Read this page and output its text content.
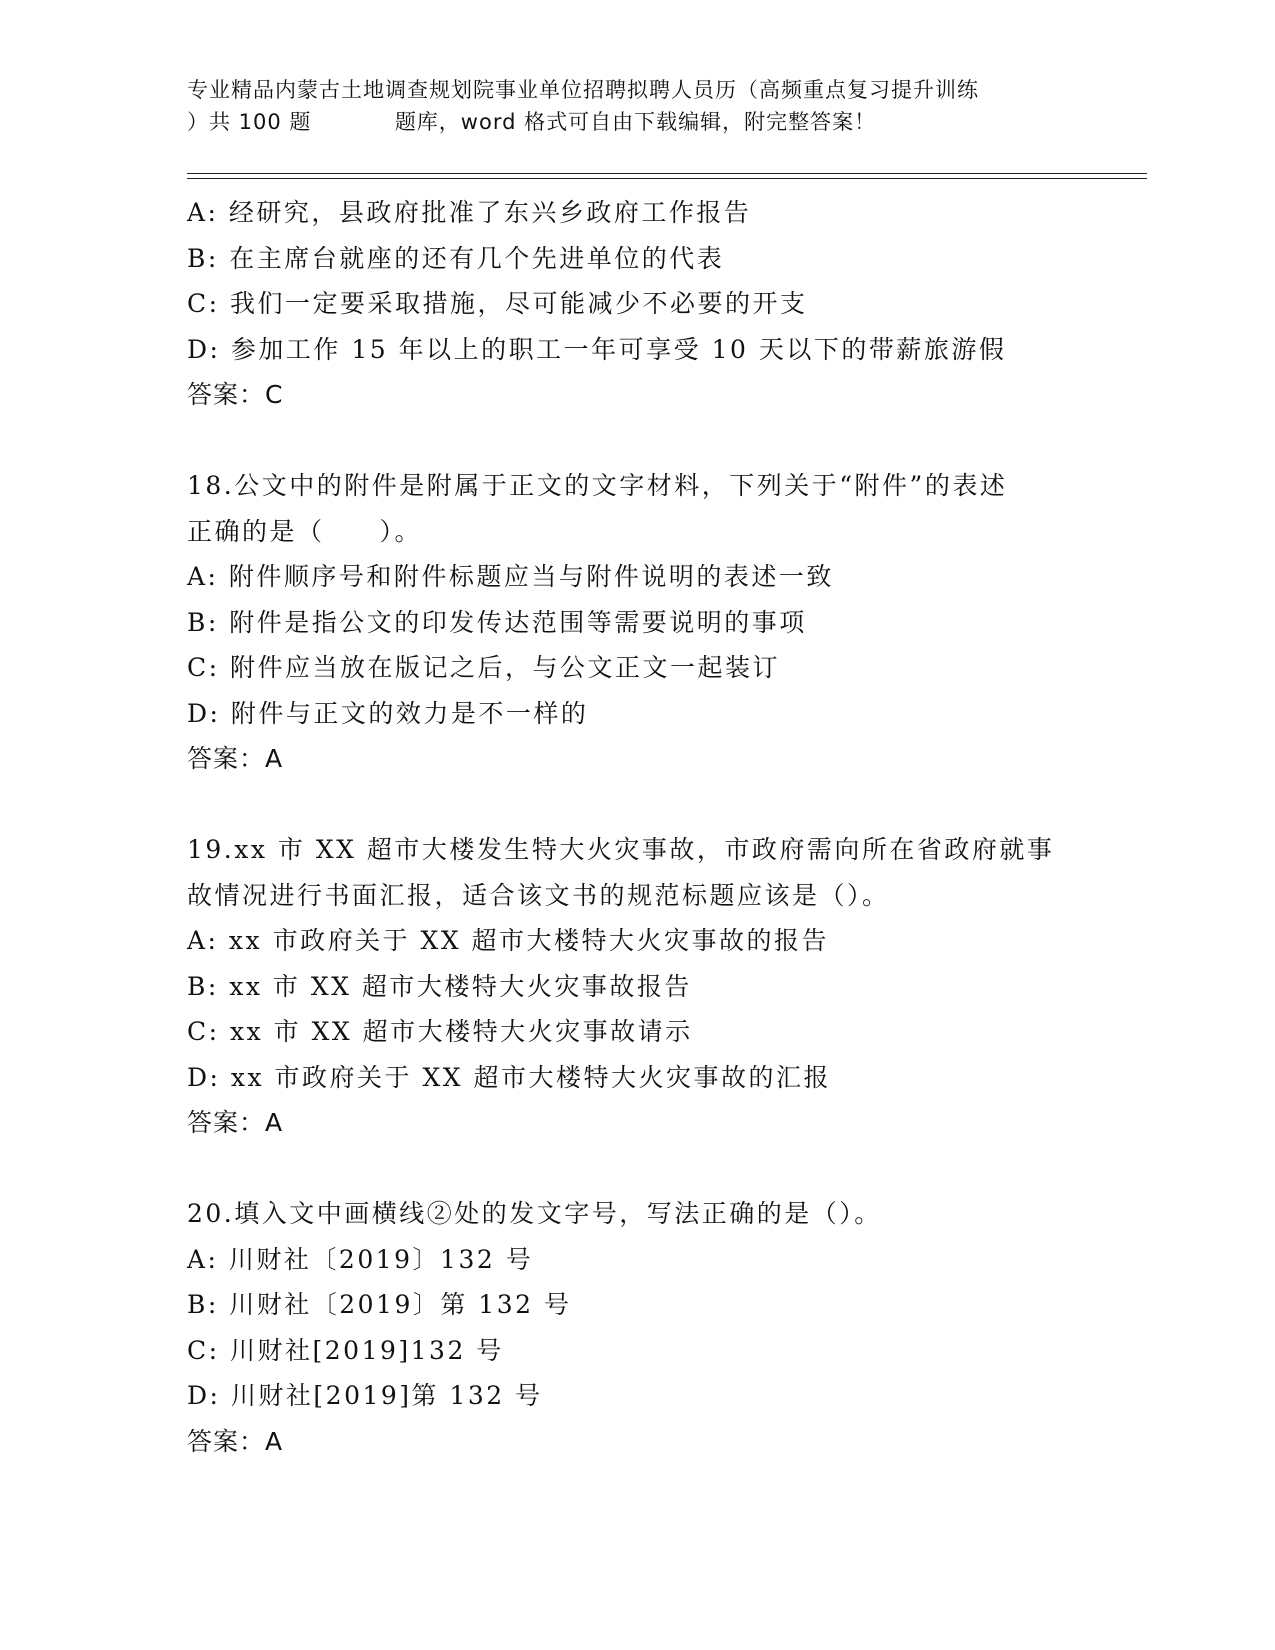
专业精品内蒙古土地调查规划院事业单位招聘拟聘人员历（高频重点复习提升训练
）共 100 题	题库，word 格式可自由下载编辑，附完整答案！
A: 经研究，县政府批准了东兴乡政府工作报告
B: 在主席台就座的还有几个先进单位的代表
C: 我们一定要采取措施，尽可能减少不必要的开支
D: 参加工作 15 年以上的职工一年可享受 10 天以下的带薪旅游假
答案：C
18.公文中的附件是附属于正文的文字材料，下列关于“附件”的表述
正确的是（　　）。
A: 附件顺序号和附件标题应当与附件说明的表述一致
B: 附件是指公文的印发传达范围等需要说明的事项
C: 附件应当放在版记之后，与公文正文一起装订
D: 附件与正文的效力是不一样的
答案：A
19.xx 市 XX 超市大楼发生特大火灾事故，市政府需向所在省政府就事
故情况进行书面汇报，适合该文书的规范标题应该是（）。
A: xx 市政府关于 XX 超市大楼特大火灾事故的报告
B: xx 市 XX 超市大楼特大火灾事故报告
C: xx 市 XX 超市大楼特大火灾事故请示
D: xx 市政府关于 XX 超市大楼特大火灾事故的汇报
答案：A
20.填入文中画横线②处的发文字号，写法正确的是（）。
A: 川财社〔2019〕132 号
B: 川财社〔2019〕第 132 号
C: 川财社[2019]132 号
D: 川财社[2019]第 132 号
答案：A
